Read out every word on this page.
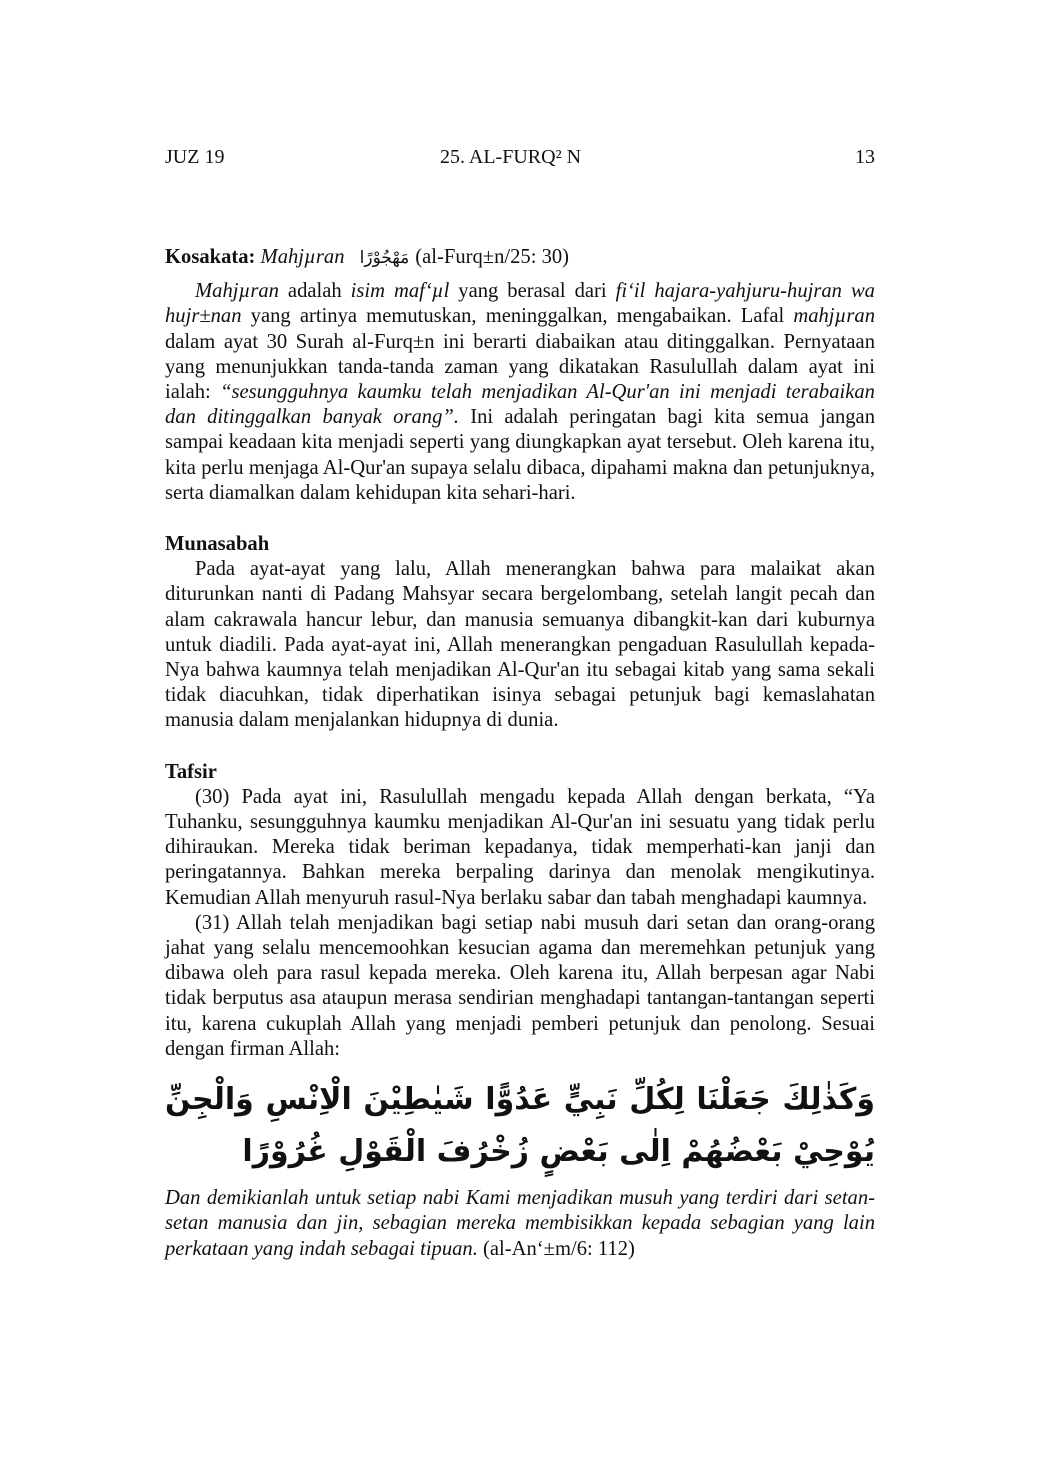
JUZ 19	25. AL-FURQ² N	13
Kosakata: Mahjµran مَهْجُوْرًا (al-Furq±n/25: 30)

Mahjµran adalah isim maf‘µl yang berasal dari fi‘il hajara-yahjuru-hujran wa hujr±nan yang artinya memutuskan, meninggalkan, mengabaikan. Lafal mahjµran dalam ayat 30 Surah al-Furq±n ini berarti diabaikan atau ditinggalkan. Pernyataan yang menunjukkan tanda-tanda zaman yang dikatakan Rasulullah dalam ayat ini ialah: “sesungguhnya kaumku telah menjadikan Al-Qur'an ini menjadi terabaikan dan ditinggalkan banyak orang”. Ini adalah peringatan bagi kita semua jangan sampai keadaan kita menjadi seperti yang diungkapkan ayat tersebut. Oleh karena itu, kita perlu menjaga Al-Qur'an supaya selalu dibaca, dipahami makna dan petunjuknya, serta diamalkan dalam kehidupan kita sehari-hari.

Munasabah

Pada ayat-ayat yang lalu, Allah menerangkan bahwa para malaikat akan diturunkan nanti di Padang Mahsyar secara bergelombang, setelah langit pecah dan alam cakrawala hancur lebur, dan manusia semuanya dibangkit-kan dari kuburnya untuk diadili. Pada ayat-ayat ini, Allah menerangkan pengaduan Rasulullah kepada-Nya bahwa kaumnya telah menjadikan Al-Qur'an itu sebagai kitab yang sama sekali tidak diacuhkan, tidak diperhatikan isinya sebagai petunjuk bagi kemaslahatan manusia dalam menjalankan hidupnya di dunia.

Tafsir

(30) Pada ayat ini, Rasulullah mengadu kepada Allah dengan berkata, “Ya Tuhanku, sesungguhnya kaumku menjadikan Al-Qur'an ini sesuatu yang tidak perlu dihiraukan. Mereka tidak beriman kepadanya, tidak memperhati-kan janji dan peringatannya. Bahkan mereka berpaling darinya dan menolak mengikutinya. Kemudian Allah menyuruh rasul-Nya berlaku sabar dan tabah menghadapi kaumnya.

(31) Allah telah menjadikan bagi setiap nabi musuh dari setan dan orang-orang jahat yang selalu mencemoohkan kesucian agama dan meremehkan petunjuk yang dibawa oleh para rasul kepada mereka. Oleh karena itu, Allah berpesan agar Nabi tidak berputus asa ataupun merasa sendirian menghadapi tantangan-tantangan seperti itu, karena cukuplah Allah yang menjadi pemberi petunjuk dan penolong. Sesuai dengan firman Allah:

وَكَذٰلِكَ جَعَلْنَا لِكُلِّ نَبِيٍّ عَدُوًّا شَيٰطِيْنَ الْاِنْسِ وَالْجِنِّ يُوْحِيْ بَعْضُهُمْ اِلٰى بَعْضٍ زُخْرُفَ الْقَوْلِ غُرُوْرًا

Dan demikianlah untuk setiap nabi Kami menjadikan musuh yang terdiri dari setan-setan manusia dan jin, sebagian mereka membisikkan kepada sebagian yang lain perkataan yang indah sebagai tipuan. (al-An‘±m/6: 112)
